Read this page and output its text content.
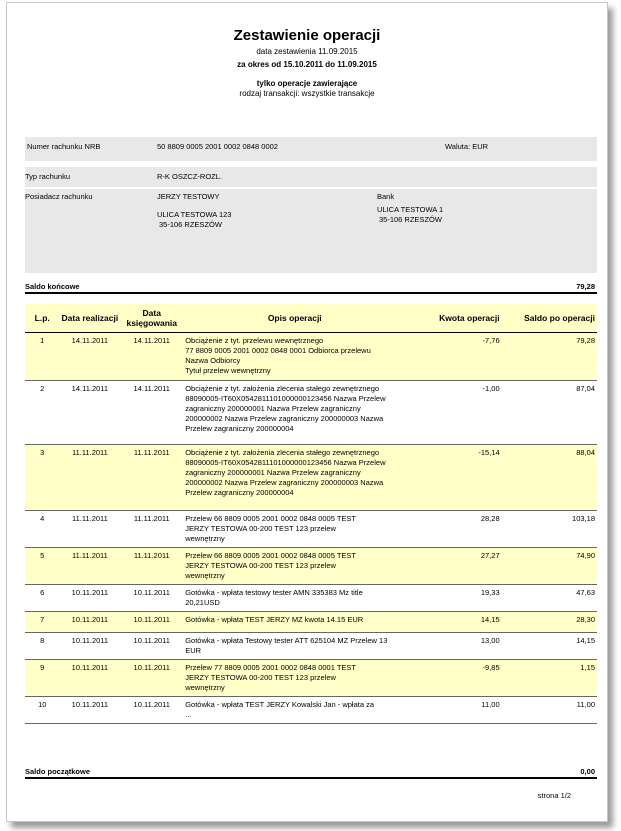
Zestawienie operacji
data zestawienia 11.09.2015
za okres od 15.10.2011 do 11.09.2015
tylko operacje zawierające
rodzaj transakcji: wszystkie transakcje
Numer rachunku NRB	50 8809 0005 2001 0002 0848 0002	Waluta: EUR
Typ rachunku	R-K OSZCZ-ROZL.
Posiadacz rachunku	JERZY TESTOWY
ULICA TESTOWA 123
35-106 RZESZÓW
Bank
ULICA TESTOWA 1
35-106 RZESZÓW
Saldo końcowe	79,28
L.p.	Data realizacji	Data księgowania	Opis operacji	Kwota operacji	Saldo po operacji
1	14.11.2011	14.11.2011	Obciążenie z tyt. przelewu wewnętrznego
77 8809 0005 2001 0002 0848 0001 Odbiorca przelewu
Nazwa Odbiorcy
Tytuł przelew wewnętrzny	-7,76	79,28
2	14.11.2011	14.11.2011	Obciążenie z tyt. założenia zlecenia stałego zewnętrznego
88090005-IT60X0542811101000000123456 Nazwa Przelew
zagraniczny 200000001 Nazwa Przelew zagraniczny
200000002 Nazwa Przelew zagraniczny 200000003 Nazwa
Przelew zagraniczny 200000004	-1,00	87,04
3	11.11.2011	11.11.2011	Obciążenie z tyt. założenia zlecenia stałego zewnętrznego
88090005-IT60X0542811101000000123456 Nazwa Przelew
zagraniczny 200000001 Nazwa Przelew zagraniczny
200000002 Nazwa Przelew zagraniczny 200000003 Nazwa
Przelew zagraniczny 200000004	-15,14	88,04
4	11.11.2011	11.11.2011	Przelew 66 8809 0005 2001 0002 0848 0005 TEST
JERZY TESTOWA 00-200 TEST 123 przelew
wewnętrzny	28,28	103,18
5	11.11.2011	11.11.2011	Przelew 66 8809 0005 2001 0002 0848 0005 TEST
JERZY TESTOWA 00-200 TEST 123 przelew
wewnętrzny	27,27	74,90
6	10.11.2011	10.11.2011	Gotówka - wpłata testowy tester AMN 335383 Mz title
20,21USD	19,33	47,63
7	10.11.2011	10.11.2011	Gotówka - wpłata TEST JERZY MZ kwota 14.15 EUR	14,15	28,30
8	10.11.2011	10.11.2011	Gotówka - wpłata Testowy tester ATT 625104 MZ Przelew 13
EUR	13,00	14,15
9	10.11.2011	10.11.2011	Przelew 77 8809 0005 2001 0002 0848 0001 TEST
JERZY TESTOWA 00-200 TEST 123 przelew
wewnętrzny	-9,85	1,15
10	10.11.2011	10.11.2011	Gotówka - wpłata TEST JERZY Kowalski Jan - wpłata za
...	11,00	11,00
Saldo początkowe	0,00
strona 1/2
